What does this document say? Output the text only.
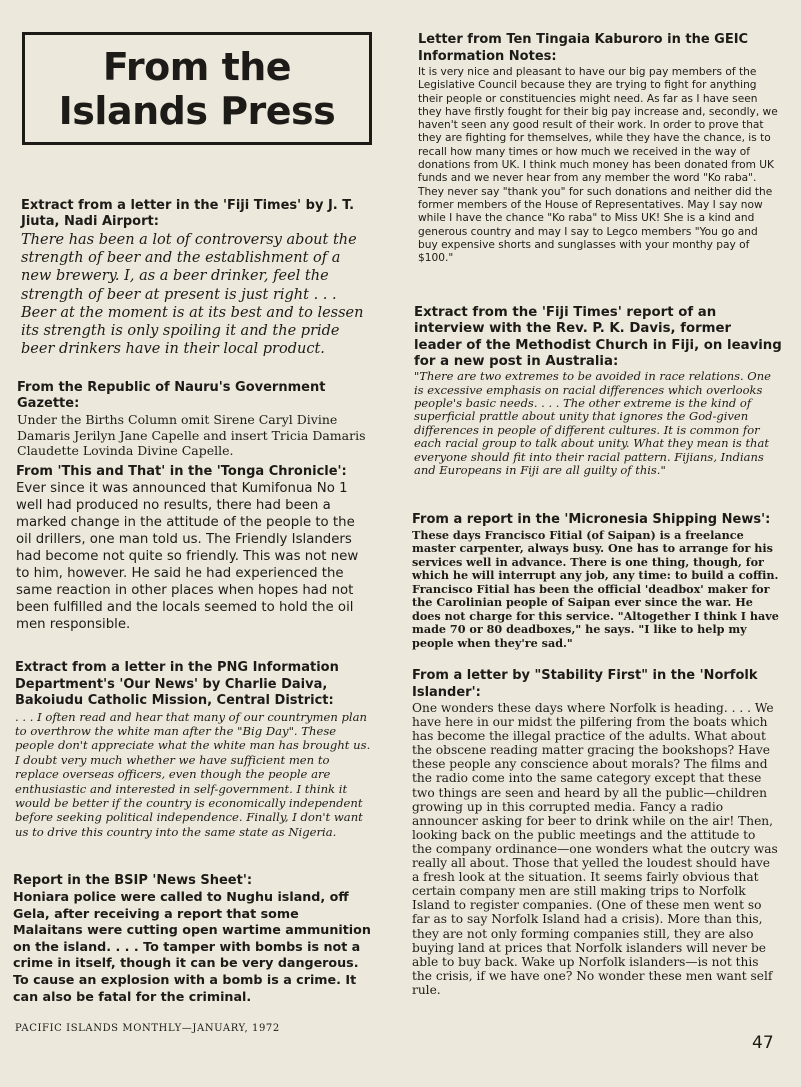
From the
Islands Press

Extract from a letter in the 'Fiji Times' by J. T. Jiuta, Nadi Airport:

There has been a lot of controversy about the strength of beer and the establishment of a new brewery. I, as a beer drinker, feel the strength of beer at present is just right . . . Beer at the moment is at its best and to lessen its strength is only spoiling it and the pride beer drinkers have in their local product.

From the Republic of Nauru's Government Gazette:

Under the Births Column omit Sirene Caryl Divine Damaris Jerilyn Jane Capelle and insert Tricia Damaris Claudette Lovinda Divine Capelle.

From 'This and That' in the 'Tonga Chronicle':

Ever since it was announced that Kumifonua No 1 well had produced no results, there had been a marked change in the attitude of the people to the oil drillers, one man told us. The Friendly Islanders had become not quite so friendly. This was not new to him, however. He said he had experienced the same reaction in other places when hopes had not been fulfilled and the locals seemed to hold the oil men responsible.

Extract from a letter in the PNG Information Department's 'Our News' by Charlie Daiva, Bakoiudu Catholic Mission, Central District:

. . . I often read and hear that many of our countrymen plan to overthrow the white man after the "Big Day". These people don't appreciate what the white man has brought us. I doubt very much whether we have sufficient men to replace overseas officers, even though the people are enthusiastic and interested in self-government. I think it would be better if the country is economically independent before seeking political independence. Finally, I don't want us to drive this country into the same state as Nigeria.

Report in the BSIP 'News Sheet':

Honiara police were called to Nughu island, off Gela, after receiving a report that some Malaitans were cutting open wartime ammunition on the island. . . . To tamper with bombs is not a crime in itself, though it can be very dangerous. To cause an explosion with a bomb is a crime. It can also be fatal for the criminal.

Letter from Ten Tingaia Kaburoro in the GEIC Information Notes:

It is very nice and pleasant to have our big pay members of the Legislative Council because they are trying to fight for anything their people or constituencies might need. As far as I have seen they have firstly fought for their big pay increase and, secondly, we haven't seen any good result of their work. In order to prove that they are fighting for themselves, while they have the chance, is to recall how many times or how much we received in the way of donations from UK. I think much money has been donated from UK funds and we never hear from any member the word "Ko raba". They never say "thank you" for such donations and neither did the former members of the House of Representatives. May I say now while I have the chance "Ko raba" to Miss UK! She is a kind and generous country and may I say to Legco members "You go and buy expensive shorts and sunglasses with your monthy pay of $100."

Extract from the 'Fiji Times' report of an interview with the Rev. P. K. Davis, former leader of the Methodist Church in Fiji, on leaving for a new post in Australia:

"There are two extremes to be avoided in race relations. One is excessive emphasis on racial differences which overlooks people's basic needs. . . . The other extreme is the kind of superficial prattle about unity that ignores the God-given differences in people of different cultures. It is common for each racial group to talk about unity. What they mean is that everyone should fit into their racial pattern. Fijians, Indians and Europeans in Fiji are all guilty of this."

From a report in the 'Micronesia Shipping News':

These days Francisco Fitial (of Saipan) is a freelance master carpenter, always busy. One has to arrange for his services well in advance. There is one thing, though, for which he will interrupt any job, any time: to build a coffin. Francisco Fitial has been the official 'deadbox' maker for the Carolinian people of Saipan ever since the war. He does not charge for this service. "Altogether I think I have made 70 or 80 deadboxes," he says. "I like to help my people when they're sad."

From a letter by "Stability First" in the 'Norfolk Islander':

One wonders these days where Norfolk is heading. . . . We have here in our midst the pilfering from the boats which has become the illegal practice of the adults. What about the obscene reading matter gracing the bookshops? Have these people any conscience about morals? The films and the radio come into the same category except that these two things are seen and heard by all the public—children growing up in this corrupted media. Fancy a radio announcer asking for beer to drink while on the air! Then, looking back on the public meetings and the attitude to the company ordinance—one wonders what the outcry was really all about. Those that yelled the loudest should have a fresh look at the situation. It seems fairly obvious that certain company men are still making trips to Norfolk Island to register companies. (One of these men went so far as to say Norfolk Island had a crisis). More than this, they are not only forming companies still, they are also buying land at prices that Norfolk islanders will never be able to buy back. Wake up Norfolk islanders—is not this the crisis, if we have one? No wonder these men want self rule.

PACIFIC ISLANDS MONTHLY—JANUARY, 1972
47
